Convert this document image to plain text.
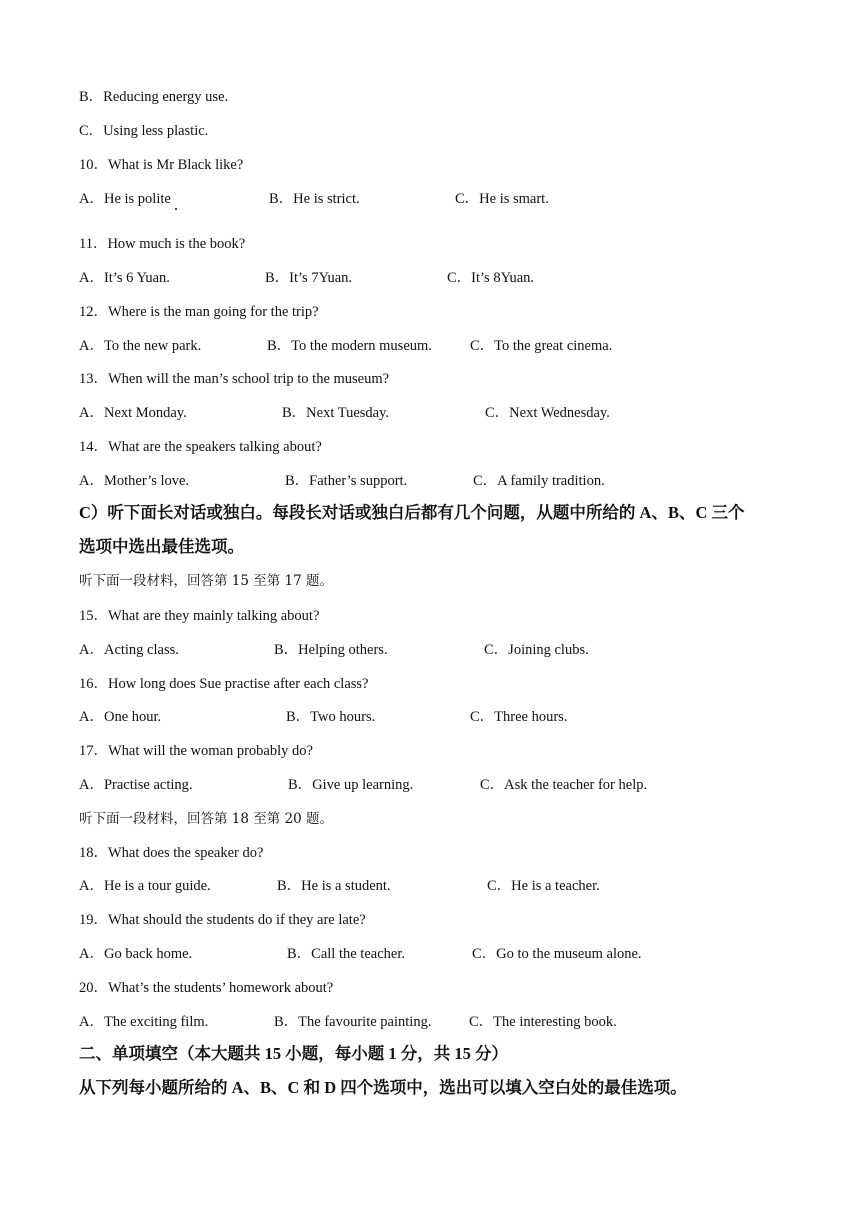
B．Reducing energy use.
C．Using less plastic.
10．What is Mr Black like?
A．He is polite	B．He is strict.	C．He is smart.
11．How much is the book?
A．It’s 6 Yuan.	B．It’s 7Yuan.	C．It’s 8Yuan.
12．Where is the man going for the trip?
A．To the new park.	B．To the modern museum.	C．To the great cinema.
13．When will the man’s school trip to the museum?
A．Next Monday.	B．Next Tuesday.	C．Next Wednesday.
14．What are the speakers talking about?
A．Mother’s love.	B．Father’s support.	C．A family tradition.
C）听下面长对话或独白。每段长对话或独白后都有几个问题，从题中所给的 A、B、C 三个
选项中选出最佳选项。
听下面一段材料，回答第 15 至第 17 题。
15．What are they mainly talking about?
A．Acting class.	B．Helping others.	C．Joining clubs.
16．How long does Sue practise after each class?
A．One hour.	B．Two hours.	C．Three hours.
17．What will the woman probably do?
A．Practise acting.	B．Give up learning.	C．Ask the teacher for help.
听下面一段材料，回答第 18 至第 20 题。
18．What does the speaker do?
A．He is a tour guide.	B．He is a student.	C．He is a teacher.
19．What should the students do if they are late?
A．Go back home.	B．Call the teacher.	C．Go to the museum alone.
20．What’s the students’ homework about?
A．The exciting film.	B．The favourite painting.	C．The interesting book.
二、单项填空（本大题共 15 小题，每小题 1 分，共 15 分）
从下列每小题所给的 A、B、C 和 D 四个选项中，选出可以填入空白处的最佳选项。
